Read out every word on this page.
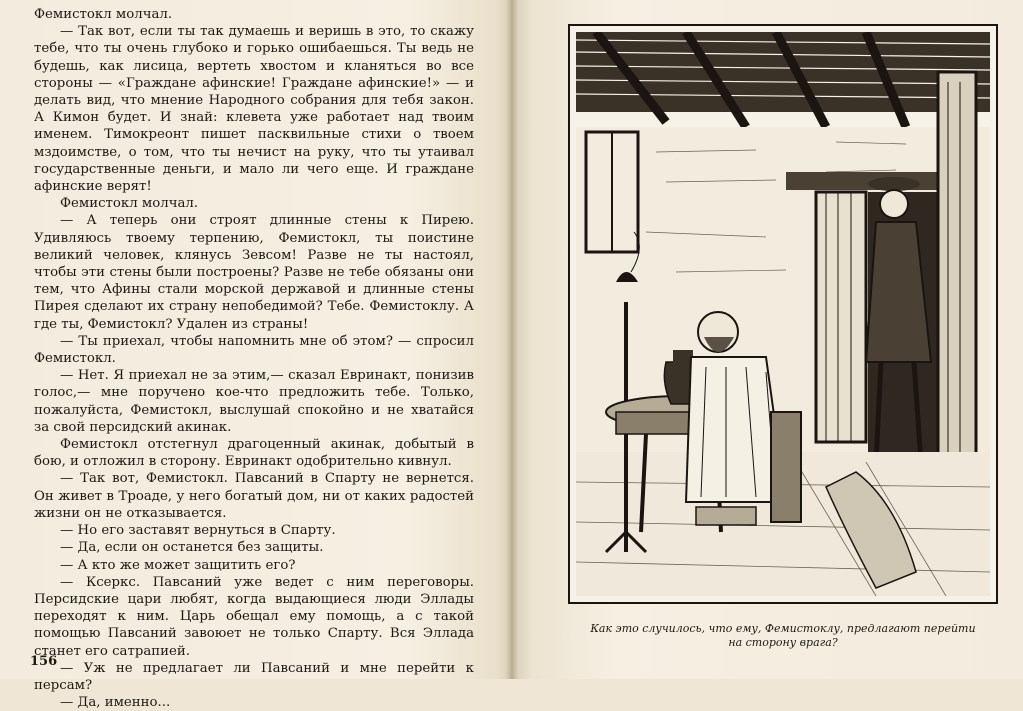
Фемистокл молчал.

— Так вот, если ты так думаешь и веришь в это, то скажу тебе, что ты очень глубоко и горько ошибаешься. Ты ведь не будешь, как лисица, вертеть хвостом и кланяться во все стороны — «Граждане афинские! Граждане афинские!» — и делать вид, что мнение Народного собрания для тебя закон. А Кимон будет. И знай: клевета уже работает над твоим именем. Тимокреонт пишет пасквильные стихи о твоем мздоимстве, о том, что ты нечист на руку, что ты утаивал государственные деньги, и мало ли чего еще. И граждане афинские верят!

Фемистокл молчал.

— А теперь они строят длинные стены к Пирею. Удивляюсь твоему терпению, Фемистокл, ты поистине великий человек, клянусь Зевсом! Разве не ты настоял, чтобы эти стены были построены? Разве не тебе обязаны они тем, что Афины стали морской державой и длинные стены Пирея сделают их страну непобедимой? Тебе. Фемистоклу. А где ты, Фемистокл? Удален из страны!

— Ты приехал, чтобы напомнить мне об этом? — спросил Фемистокл.

— Нет. Я приехал не за этим,— сказал Евринакт, понизив голос,— мне поручено кое-что предложить тебе. Только, пожалуйста, Фемистокл, выслушай спокойно и не хватайся за свой персидский акинак.

Фемистокл отстегнул драгоценный акинак, добытый в бою, и отложил в сторону. Евринакт одобрительно кивнул.

— Так вот, Фемистокл. Павсаний в Спарту не вернется. Он живет в Троаде, у него богатый дом, ни от каких радостей жизни он не отказывается.

— Но его заставят вернуться в Спарту.

— Да, если он останется без защиты.

— А кто же может защитить его?

— Ксеркс. Павсаний уже ведет с ним переговоры. Персидские цари любят, когда выдающиеся люди Эллады переходят к ним. Царь обещал ему помощь, а с такой помощью Павсаний завоюет не только Спарту. Вся Эллада станет его сатрапией.

— Уж не предлагает ли Павсаний и мне перейти к персам?

— Да, именно...

156
Как это случилось, что ему, Фемистоклу, предлагают перейти
на сторону врага?
